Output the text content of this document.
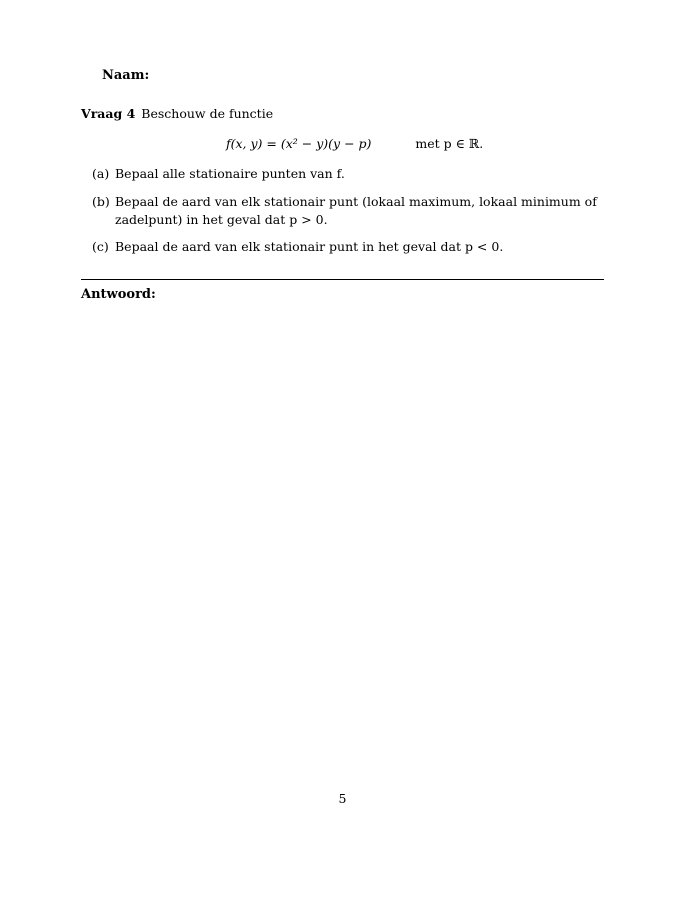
Naam:
Vraag 4 Beschouw de functie
f(x, y) = (x² − y)(y − p)	met p ∈ ℝ.
(a) Bepaal alle stationaire punten van f.
(b) Bepaal de aard van elk stationair punt (lokaal maximum, lokaal minimum of zadelpunt) in het geval dat p > 0.
(c) Bepaal de aard van elk stationair punt in het geval dat p < 0.
Antwoord:
5
